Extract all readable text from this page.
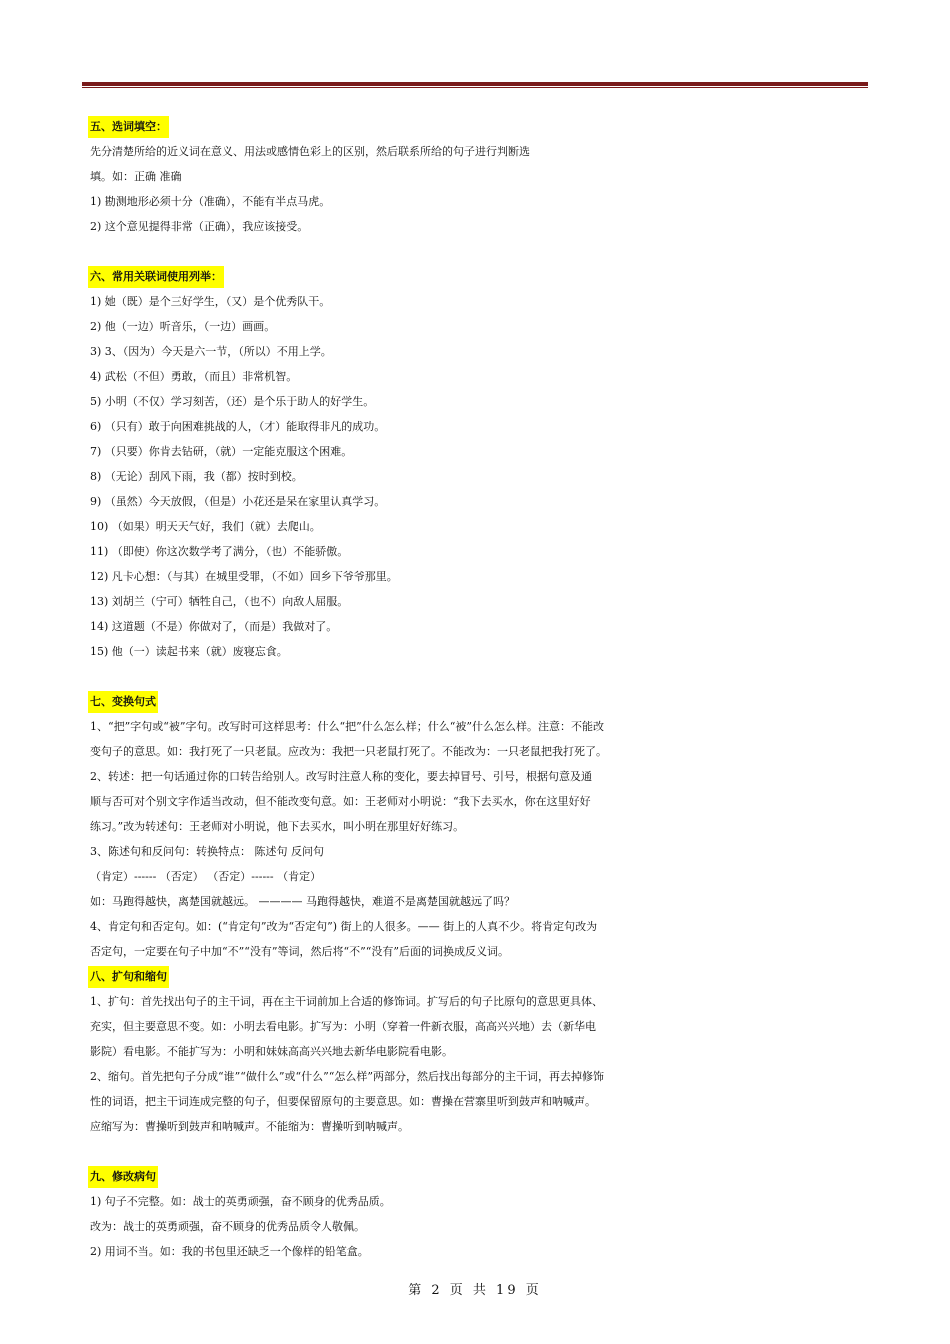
五、选词填空：
先分清楚所给的近义词在意义、用法或感情色彩上的区别，然后联系所给的句子进行判断选
填。如：正确 准确
1) 勘测地形必须十分（准确），不能有半点马虎。
2) 这个意见提得非常（正确），我应该接受。
六、常用关联词使用列举：
1) 她（既）是个三好学生，（又）是个优秀队干。
2) 他（一边）听音乐，（一边）画画。
3) 3、（因为）今天是六一节，（所以）不用上学。
4) 武松（不但）勇敢，（而且）非常机智。
5) 小明（不仅）学习刻苦，（还）是个乐于助人的好学生。
6) （只有）敢于向困难挑战的人，（才）能取得非凡的成功。
7) （只要）你肯去钻研，（就）一定能克服这个困难。
8) （无论）刮风下雨，我（都）按时到校。
9) （虽然）今天放假，（但是）小花还是呆在家里认真学习。
10) （如果）明天天气好，我们（就）去爬山。
11) （即使）你这次数学考了满分，（也）不能骄傲。
12) 凡卡心想：（与其）在城里受罪，（不如）回乡下爷爷那里。
13) 刘胡兰（宁可）牺牲自己，（也不）向敌人屈服。
14) 这道题（不是）你做对了，（而是）我做对了。
15) 他（一）读起书来（就）废寝忘食。
七、变换句式
1、“把”字句或“被”字句。改写时可这样思考：什么“把”什么怎么样；什么“被”什么怎么样。注意：不能改
变句子的意思。如：我打死了一只老鼠。应改为：我把一只老鼠打死了。不能改为：一只老鼠把我打死了。
2、转述：把一句话通过你的口转告给别人。改写时注意人称的变化，要去掉冒号、引号，根据句意及通
顺与否可对个别文字作适当改动，但不能改变句意。如：王老师对小明说：“我下去买水，你在这里好好
练习。”改为转述句：王老师对小明说，他下去买水，叫小明在那里好好练习。
3、陈述句和反问句：转换特点： 陈述句 反问句
（肯定）------ （否定） （否定）------ （肯定）
如：马跑得越快，离楚国就越远。 ———— 马跑得越快，难道不是离楚国就越远了吗？
4、肯定句和否定句。如：(“肯定句”改为“否定句”) 街上的人很多。—— 街上的人真不少。将肯定句改为
否定句，一定要在句子中加“不”“没有”等词，然后将“不”“没有”后面的词换成反义词。
八、扩句和缩句
1、扩句：首先找出句子的主干词，再在主干词前加上合适的修饰词。扩写后的句子比原句的意思更具体、
充实，但主要意思不变。如：小明去看电影。扩写为：小明（穿着一件新衣服，高高兴兴地）去（新华电
影院）看电影。不能扩写为：小明和妹妹高高兴兴地去新华电影院看电影。
2、缩句。首先把句子分成“谁”“做什么”或“什么”“怎么样”两部分，然后找出每部分的主干词，再去掉修饰
性的词语，把主干词连成完整的句子，但要保留原句的主要意思。如：曹操在营寨里听到鼓声和呐喊声。
应缩写为：曹操听到鼓声和呐喊声。不能缩为：曹操听到呐喊声。
九、修改病句
1) 句子不完整。如：战士的英勇顽强，奋不顾身的优秀品质。
改为：战士的英勇顽强，奋不顾身的优秀品质令人敬佩。
2) 用词不当。如：我的书包里还缺乏一个像样的铅笔盒。
第 2 页 共 19 页
